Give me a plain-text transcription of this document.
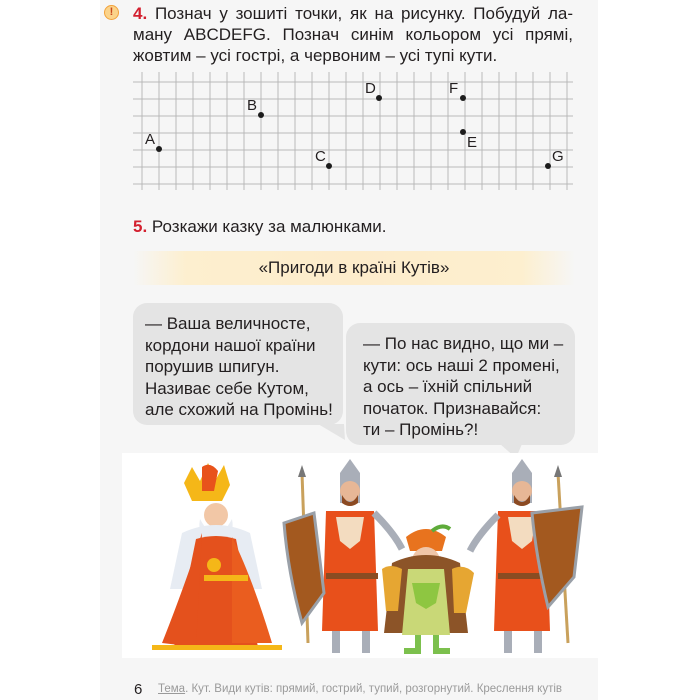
!	4. Познач у зошиті точки, як на рисунку. Побудуй ла-
ману ABCDEFG. Познач синім кольором усі прямі,
жовтим – усі гострі, а червоним – усі тупі кути.
A
B
C
D
E
F
G
5. Розкажи казку за малюнками.
«Пригоди в країні Кутів»
— Ваша величносте,
кордони нашої країни
порушив шпигун.
Називає себе Кутом,
але схожий на Промінь!
— По нас видно, що ми –
кути: ось наші 2 промені,
а ось – їхній спільний
початок. Признавайся:
ти – Промінь?!
6 Тема. Кут. Види кутів: прямий, гострий, тупий, розгорнутий. Креслення кутів
